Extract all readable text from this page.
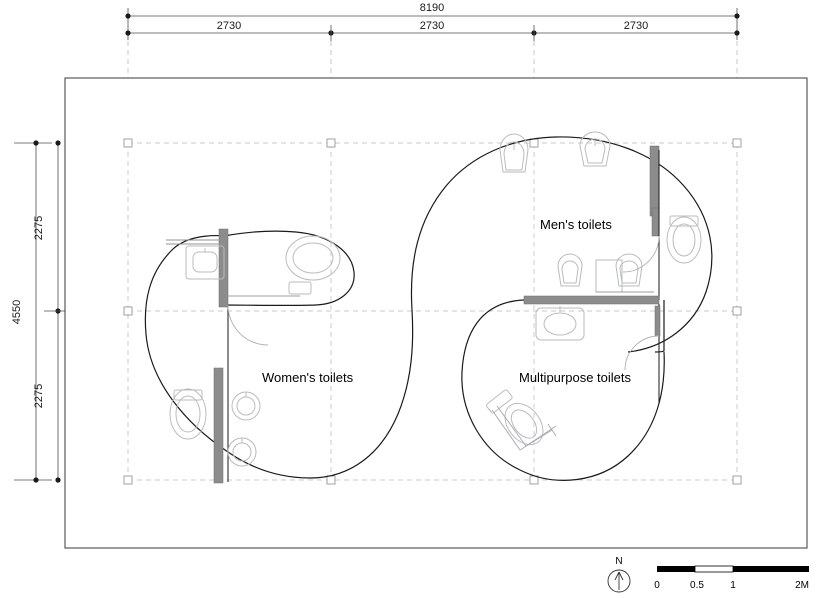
8190
2730	2730	2730
4550
2275
2275
Women's toilets
Men's toilets
Multipurpose toilets
N
0	0.5	1	2M
